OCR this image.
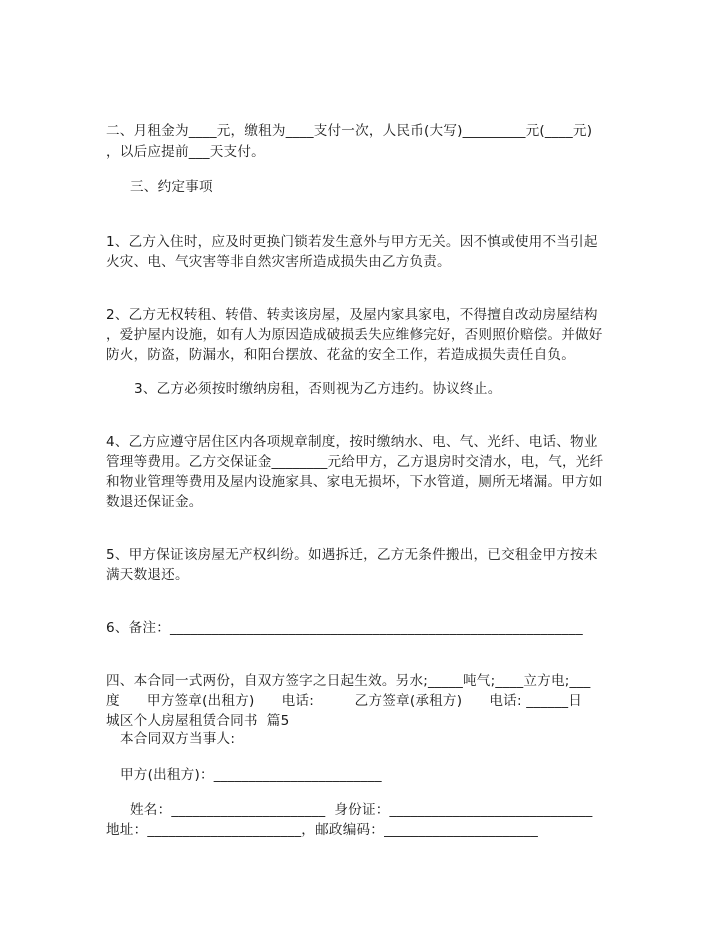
二、月租金为____元，缴租为____支付一次，人民币(大写)_________元(____元)
，以后应提前___天支付。
三、约定事项
1、乙方入住时，应及时更换门锁若发生意外与甲方无关。因不慎或使用不当引起
火灾、电、气灾害等非自然灾害所造成损失由乙方负责。
2、乙方无权转租、转借、转卖该房屋，及屋内家具家电，不得擅自改动房屋结构
，爱护屋内设施，如有人为原因造成破损丢失应维修完好，否则照价赔偿。并做好
防火，防盗，防漏水，和阳台摆放、花盆的安全工作，若造成损失责任自负。
3、乙方必须按时缴纳房租，否则视为乙方违约。协议终止。
4、乙方应遵守居住区内各项规章制度，按时缴纳水、电、气、光纤、电话、物业
管理等费用。乙方交保证金________元给甲方，乙方退房时交清水，电，气，光纤
和物业管理等费用及屋内设施家具、家电无损坏，下水管道，厕所无堵漏。甲方如
数退还保证金。
5、甲方保证该房屋无产权纠纷。如遇拆迁，乙方无条件搬出，已交租金甲方按未
满天数退还。
6、备注：___________________________________________________________
四、本合同一式两份，自双方签字之日起生效。另水;_____吨气;____立方电;___
度      甲方签章(出租方)      电话:         乙方签章(承租方)      电话: ______日
城区个人房屋租赁合同书  篇5
本合同双方当事人:
甲方(出租方)：________________________
姓名：______________________  身份证：_____________________________
地址：______________________，邮政编码：______________________
